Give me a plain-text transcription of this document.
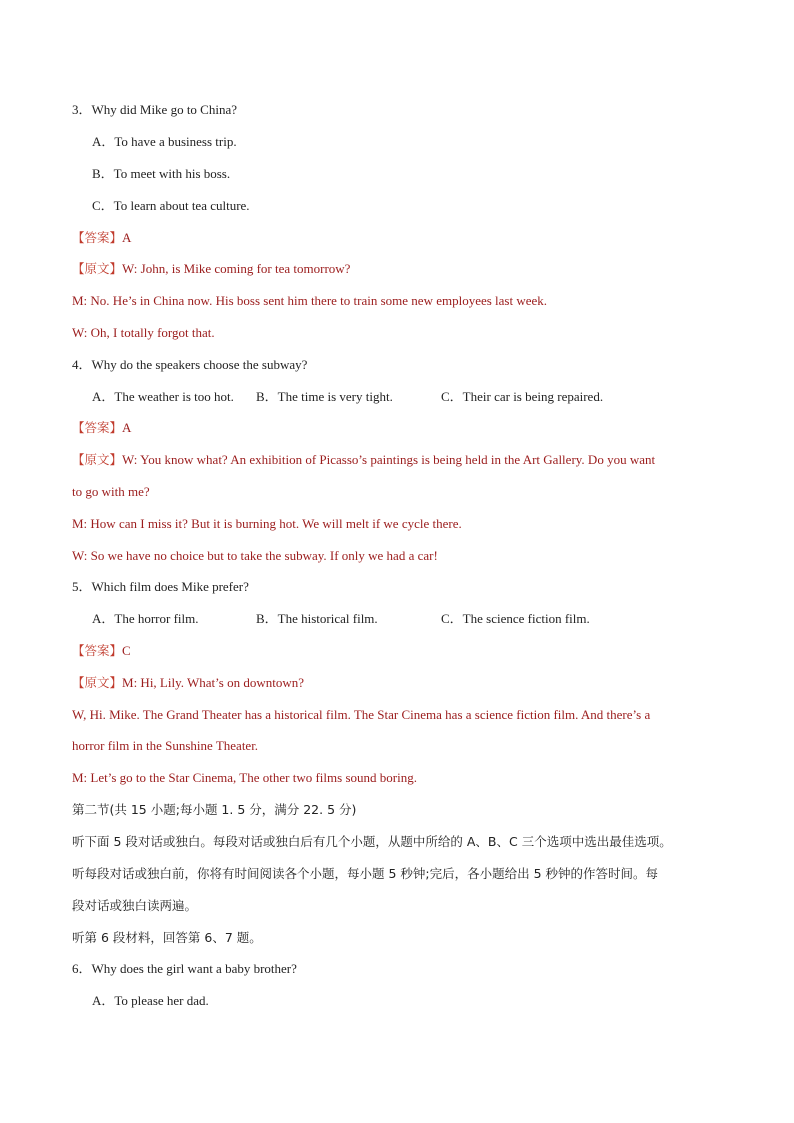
3．Why did Mike go to China?
A．To have a business trip.
B．To meet with his boss.
C．To learn about tea culture.
【答案】A
【原文】W: John, is Mike coming for tea tomorrow?
M: No. He’s in China now. His boss sent him there to train some new employees last week.
W: Oh, I totally forgot that.
4．Why do the speakers choose the subway?
A．The weather is too hot. B．The time is very tight.	C．Their car is being repaired.
【答案】A
【原文】W: You know what? An exhibition of Picasso’s paintings is being held in the Art Gallery. Do you want
to go with me?
M: How can I miss it? But it is burning hot. We will melt if we cycle there.
W: So we have no choice but to take the subway. If only we had a car!
5．Which film does Mike prefer?
A．The horror film.	B．The historical film.	C．The science fiction film.
【答案】C
【原文】M: Hi, Lily. What’s on downtown?
W, Hi. Mike. The Grand Theater has a historical film. The Star Cinema has a science fiction film. And there’s a
horror film in the Sunshine Theater.
M: Let’s go to the Star Cinema, The other two films sound boring.
第二节(共 15 小题;每小题 1. 5 分，满分 22. 5 分)
听下面 5 段对话或独白。每段对话或独白后有几个小题，从题中所给的 A、B、C 三个选项中选出最佳选项。
听每段对话或独白前，你将有时间阅读各个小题，每小题 5 秒钟;完后，各小题给出 5 秒钟的作答时间。每
段对话或独白读两遍。
听第 6 段材料，回答第 6、7 题。
6．Why does the girl want a baby brother?
A．To please her dad.
